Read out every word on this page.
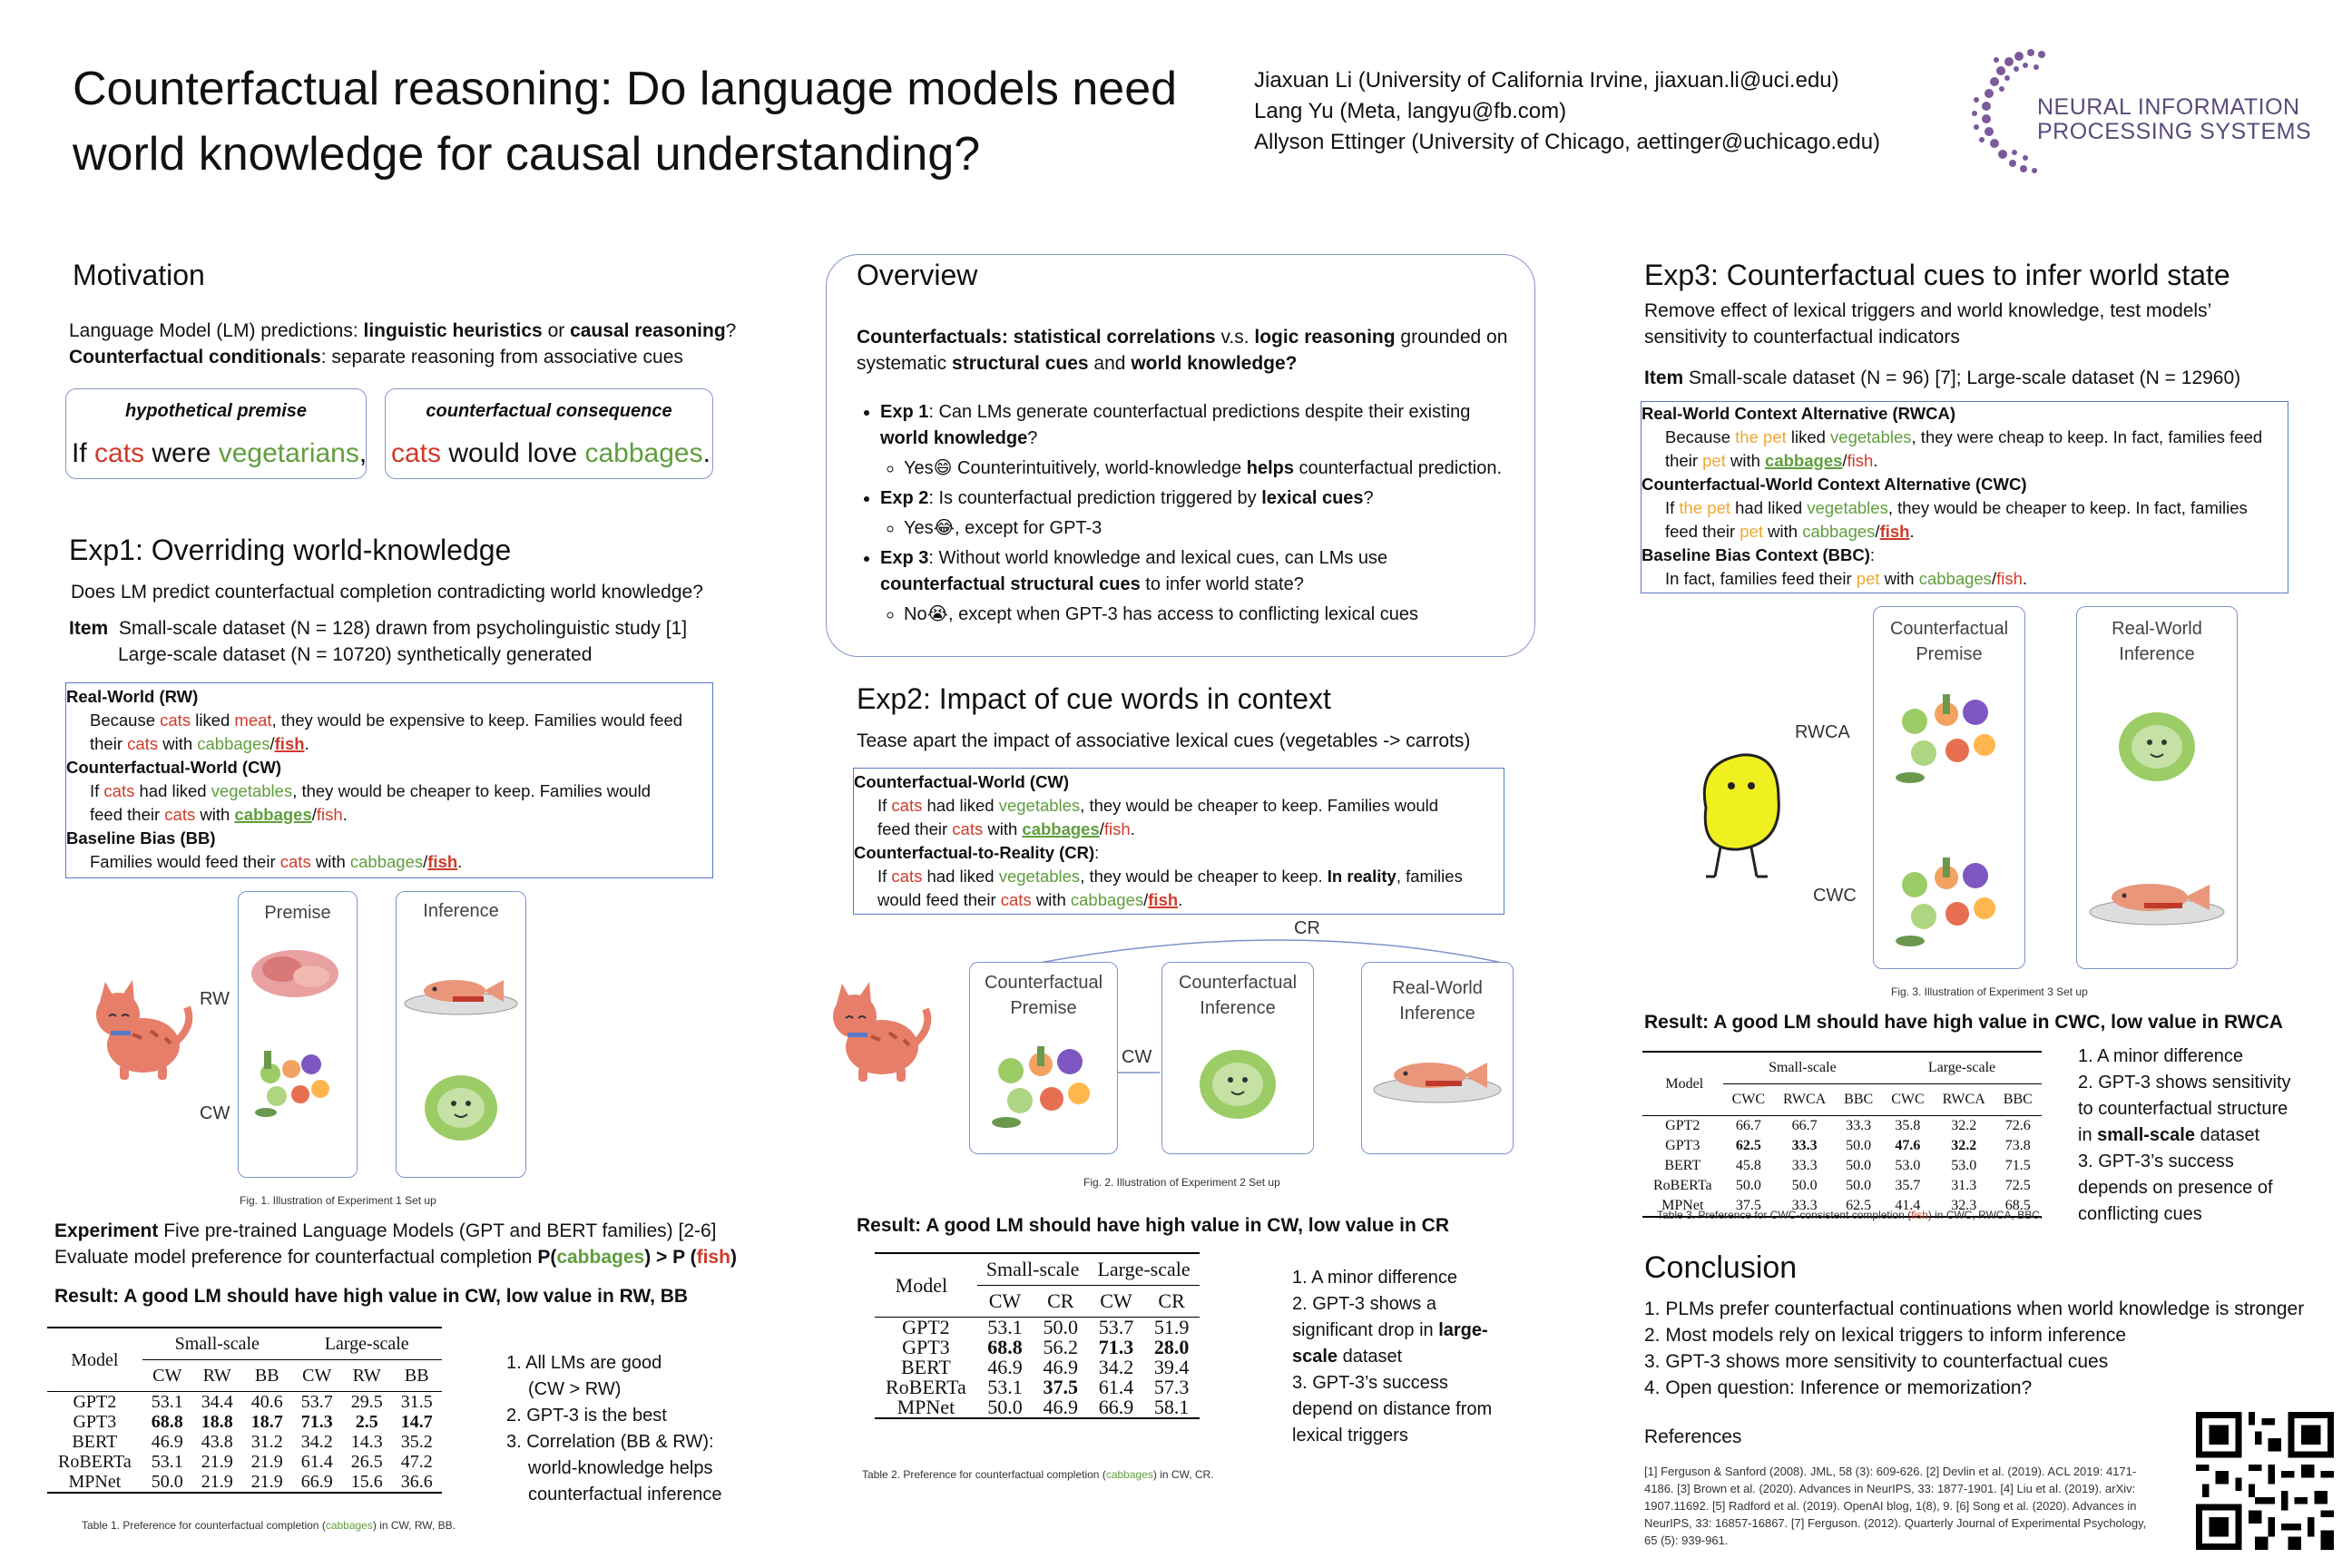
Counterfactual reasoning: Do language models need world knowledge for causal understanding?
Jiaxuan Li (University of California Irvine, jiaxuan.li@uci.edu)
Lang Yu (Meta, langyu@fb.com)
Allyson Ettinger (University of Chicago, aettinger@uchicago.edu)
NEURAL INFORMATION
PROCESSING SYSTEMS
Motivation

Language Model (LM) predictions: linguistic heuristics or causal reasoning?

Counterfactual conditionals: separate reasoning from associative cues

hypothetical premise
If cats were vegetarians,
counterfactual consequence
cats would love cabbages.
Exp1: Overriding world-knowledge
Does LM predict counterfactual completion contradicting world knowledge?

Item Small-scale dataset (N = 128) drawn from psycholinguistic study [1]

Large-scale dataset (N = 10720) synthetically generated

Real-World (RW)
Because cats liked meat, they would be expensive to keep. Families would feed
their cats with cabbages/fish.
Counterfactual-World (CW)
If cats had liked vegetables, they would be cheaper to keep. Families would
feed their cats with cabbages/fish.
Baseline Bias (BB)
Families would feed their cats with cabbages/fish.
Premise	Inference
RW
CW
Fig. 1. Illustration of Experiment 1 Set up

Experiment Five pre-trained Language Models (GPT and BERT families) [2-6]

Evaluate model preference for counterfactual completion P(cabbages) > P (fish)

Result: A good LM should have high value in CW, low value in RW, BB
Model	Small-scale			Large-scale		
	CW	RW	BB	CW	RW	BB
GPT2	53.1	34.4	40.6	53.7	29.5	31.5
GPT3	68.8	18.8	18.7	71.3	2.5	14.7
BERT	46.9	43.8	31.2	34.2	14.3	35.2
RoBERTa	53.1	21.9	21.9	61.4	26.5	47.2
MPNet	50.0	21.9	21.9	66.9	15.6	36.6
1. All LMs are good
(CW > RW)
2. GPT-3 is the best
3. Correlation (BB & RW):
world-knowledge helps
counterfactual inference
Table 1. Preference for counterfactual completion (cabbages) in CW, RW, BB.
Overview

Counterfactuals: statistical correlations v.s. logic reasoning grounded on

systematic structural cues and world knowledge?

• Exp 1: Can LMs generate counterfactual predictions despite their existing
world knowledge?
◦ Yes😄 Counterintuitively, world-knowledge helps counterfactual prediction.
• Exp 2: Is counterfactual prediction triggered by lexical cues?
◦ Yes😂, except for GPT-3
• Exp 3: Without world knowledge and lexical cues, can LMs use
counterfactual structural cues to infer world state?
◦ No😭, except when GPT-3 has access to conflicting lexical cues
Exp2: Impact of cue words in context
Tease apart the impact of associative lexical cues (vegetables -> carrots)
Counterfactual-World (CW)
If cats had liked vegetables, they would be cheaper to keep. Families would
feed their cats with cabbages/fish.
Counterfactual-to-Reality (CR):
If cats had liked vegetables, they would be cheaper to keep. In reality, families
would feed their cats with cabbages/fish.
CR
Counterfactual Premise
CW
Counterfactual Inference
Real-World Inference
Fig. 2. Illustration of Experiment 2 Set up
Result: A good LM should have high value in CW, low value in CR
Model	Small-scale		Large-scale	
	CW	CR	CW	CR
GPT2	53.1	50.0	53.7	51.9
GPT3	68.8	56.2	71.3	28.0
BERT	46.9	46.9	34.2	39.4
RoBERTa	53.1	37.5	61.4	57.3
MPNet	50.0	46.9	66.9	58.1
1. A minor difference
2. GPT-3 shows a
significant drop in large-
scale dataset
3. GPT-3’s success
depend on distance from
lexical triggers
Table 2. Preference for counterfactual completion (cabbages) in CW, CR.
Exp3: Counterfactual cues to infer world state

Remove effect of lexical triggers and world knowledge, test models’

sensitivity to counterfactual indicators

Item Small-scale dataset (N = 96) [7]; Large-scale dataset (N = 12960)
Real-World Context Alternative (RWCA)
Because the pet liked vegetables, they were cheap to keep. In fact, families feed
their pet with cabbages/fish.
Counterfactual-World Context Alternative (CWC)
If the pet had liked vegetables, they would be cheaper to keep. In fact, families
feed their pet with cabbages/fish.
Baseline Bias Context (BBC):
In fact, families feed their pet with cabbages/fish.
Counterfactual Premise
Real-World Inference
RWCA
CWC
Fig. 3. Illustration of Experiment 3 Set up
Result: A good LM should have high value in CWC, low value in RWCA
Model	Small-scale			Large-scale		
	CWC	RWCA	BBC	CWC	RWCA	BBC
GPT2	66.7	66.7	33.3	35.8	32.2	72.6
GPT3	62.5	33.3	50.0	47.6	32.2	73.8
BERT	45.8	33.3	50.0	53.0	53.0	71.5
RoBERTa	50.0	50.0	50.0	35.7	31.3	72.5
MPNet	37.5	33.3	62.5	41.4	32.3	68.5
1. A minor difference
2. GPT-3 shows sensitivity
to counterfactual structure
in small-scale dataset
3. GPT-3’s success
depends on presence of
conflicting cues
Table 3. Preference for CWC-consistent completion (fish) in CWC, RWCA, BBC.
Conclusion
1. PLMs prefer counterfactual continuations when world knowledge is stronger
2. Most models rely on lexical triggers to inform inference
3. GPT-3 shows more sensitivity to counterfactual cues
4. Open question: Inference or memorization?
References
[1] Ferguson & Sanford (2008). JML, 58 (3): 609-626. [2] Devlin et al. (2019). ACL 2019: 4171-4186. [3] Brown et al. (2020). Advances in NeurIPS, 33: 1877-1901. [4] Liu et al. (2019). arXiv: 1907.11692. [5] Radford et al. (2019). OpenAI blog, 1(8), 9. [6] Song et al. (2020). Advances in NeurIPS, 33: 16857-16867. [7] Ferguson. (2012). Quarterly Journal of Experimental Psychology, 65 (5): 939-961.
